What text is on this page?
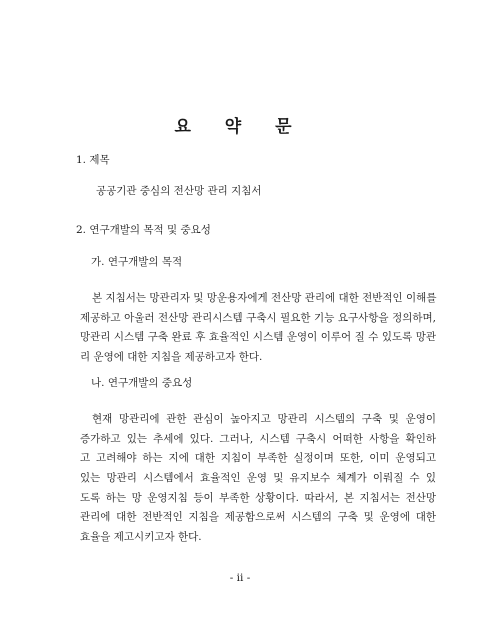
요 약 문
1. 제목
공공기관 중심의 전산망 관리 지침서
2. 연구개발의 목적 및 중요성
가. 연구개발의 목적
본 지침서는 망관리자 및 망운용자에게 전산망 관리에 대한 전반적인 이해를
제공하고 아울러 전산망 관리시스템 구축시 필요한 기능 요구사항을 정의하며,
망관리 시스템 구축 완료 후 효율적인 시스템 운영이 이루어 질 수 있도록 망관
리 운영에 대한 지침을 제공하고자 한다.
나. 연구개발의 중요성
현재 망관리에 관한 관심이 높아지고 망관리 시스템의 구축 및 운영이
증가하고 있는 추세에 있다. 그러나, 시스템 구축시 어떠한 사항을 확인하
고 고려해야 하는 지에 대한 지침이 부족한 실정이며 또한, 이미 운영되고
있는 망관리 시스템에서 효율적인 운영 및 유지보수 체계가 이뤄질 수 있
도록 하는 망 운영지침 등이 부족한 상황이다. 따라서, 본 지침서는 전산망
관리에 대한 전반적인 지침을 제공함으로써 시스템의 구축 및 운영에 대한
효율을 제고시키고자 한다.
- ii -
